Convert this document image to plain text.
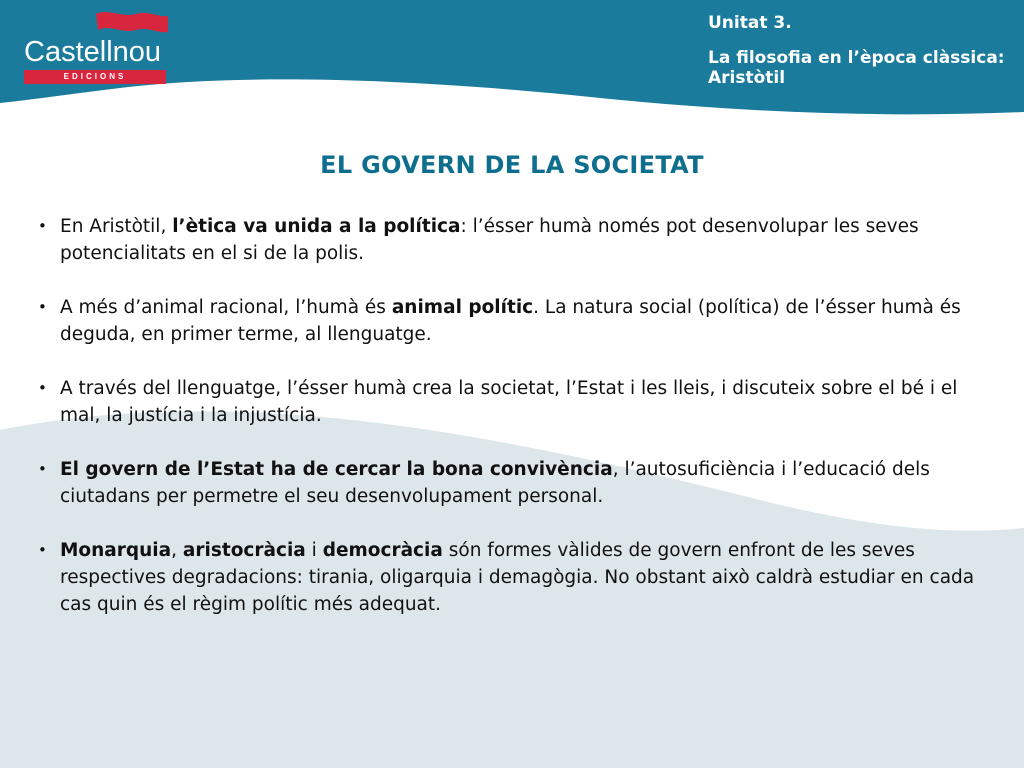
Castellnou
EDICIONS
Unitat 3.
La filosofia en l’època clàssica: Aristòtil
EL GOVERN DE LA SOCIETAT
• En Aristòtil, l’ètica va unida a la política: l’ésser humà només pot desenvolupar les seves potencialitats en el si de la polis.
• A més d’animal racional, l’humà és animal polític. La natura social (política) de l’ésser humà és deguda, en primer terme, al llenguatge.
• A través del llenguatge, l’ésser humà crea la societat, l’Estat i les lleis, i discuteix sobre el bé i el mal, la justícia i la injustícia.
• El govern de l’Estat ha de cercar la bona convivència, l’autosuficiència i l’educació dels ciutadans per permetre el seu desenvolupament personal.
• Monarquia, aristocràcia i democràcia són formes vàlides de govern enfront de les seves respectives degradacions: tirania, oligarquia i demagògia. No obstant això caldrà estudiar en cada cas quin és el règim polític més adequat.
